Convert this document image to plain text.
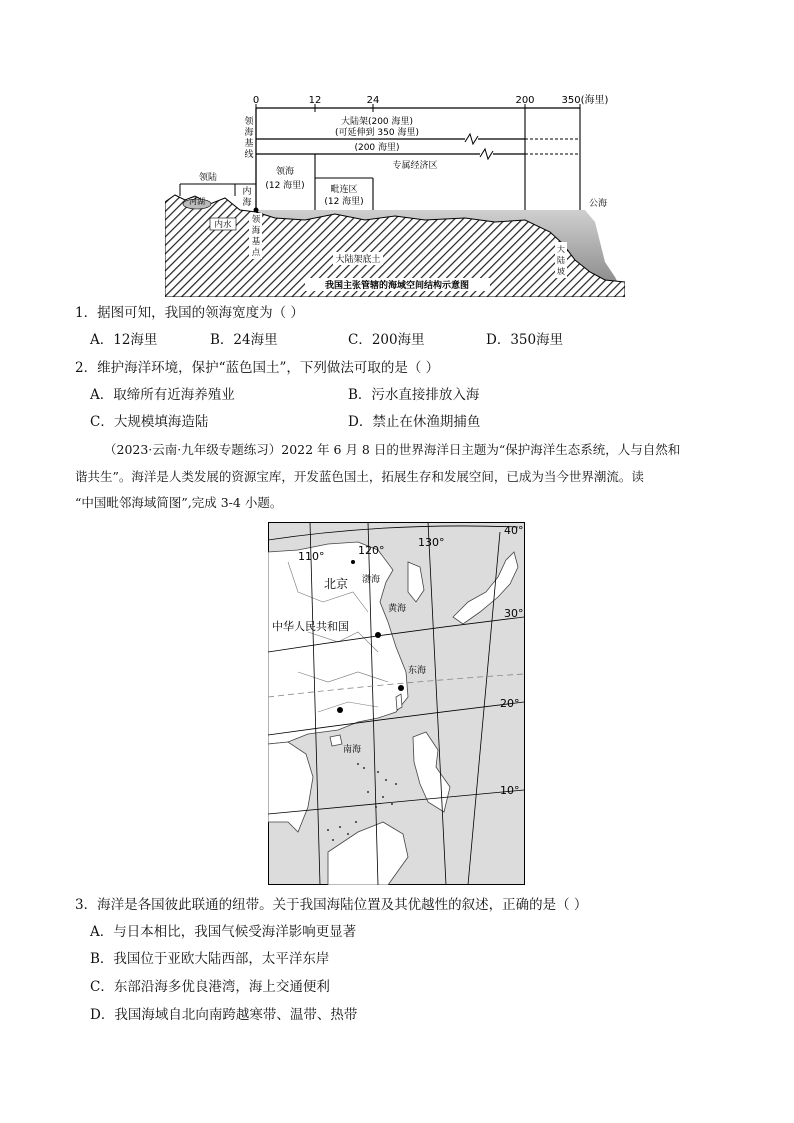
0	12	24	200	350(海里)
领
海
基
线
大陆架(200 海里)
(可延伸到 350 海里)
(200 海里)
专属经济区
领海
(12 海里)	毗连区
(12 海里)
领陆
内
海
河湖
内水 领
海
基
点
公海
大陆架底土
大
陆
坡
我国主张管辖的海域空间结构示意图
1．据图可知，我国的领海宽度为（ ）
A．12海里	B．24海里	C．200海里	D．350海里
2．维护海洋环境，保护“蓝色国土”，下列做法可取的是（ ）
A．取缔所有近海养殖业	B．污水直接排放入海
C．大规模填海造陆	D．禁止在休渔期捕鱼
（2023·云南·九年级专题练习）2022 年 6 月 8 日的世界海洋日主题为“保护海洋生态系统，人与自然和
谐共生”。海洋是人类发展的资源宝库，开发蓝色国土，拓展生存和发展空间，已成为当今世界潮流。读
“中国毗邻海域简图”,完成 3-4 小题。
110°	120°
130°
40°
30°
20°
10°
北京 渤海
黄海
中华人民共和国
东海
南海
3．海洋是各国彼此联通的纽带。关于我国海陆位置及其优越性的叙述，正确的是（ ）
A．与日本相比，我国气候受海洋影响更显著
B．我国位于亚欧大陆西部，太平洋东岸
C．东部沿海多优良港湾，海上交通便利
D．我国海域自北向南跨越寒带、温带、热带
